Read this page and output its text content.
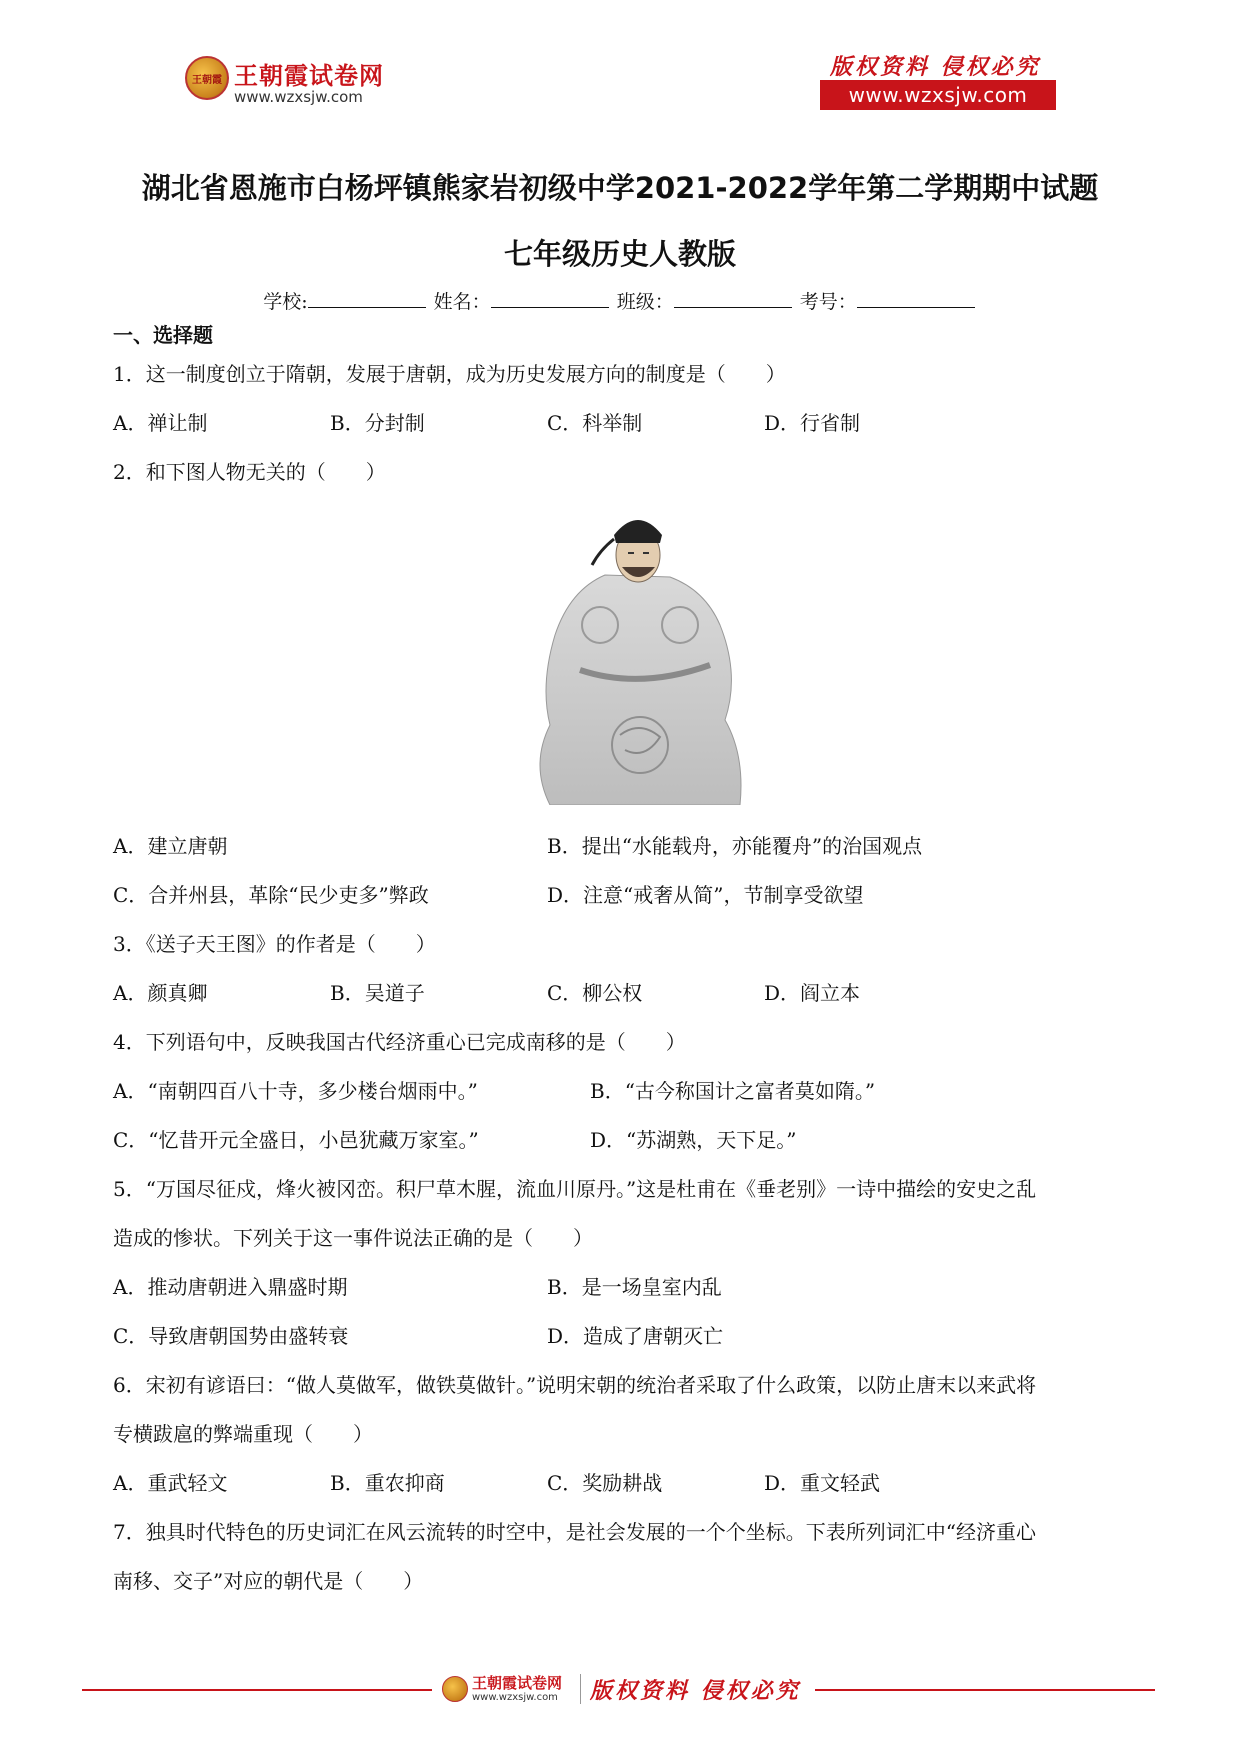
王朝霞 王朝霞试卷网
www.wzxsjw.com
版权资料 侵权必究
www.wzxsjw.com
湖北省恩施市白杨坪镇熊家岩初级中学2021-2022学年第二学期期中试题
七年级历史人教版
学校:	姓名：	班级：	考号：
一、选择题
1．这一制度创立于隋朝，发展于唐朝，成为历史发展方向的制度是（　　）
A．禅让制	B．分封制	C．科举制	D．行省制
2．和下图人物无关的（　　）
A．建立唐朝	B．提出“水能载舟，亦能覆舟”的治国观点
C．合并州县，革除“民少吏多”弊政	D．注意“戒奢从简”，节制享受欲望
3．《送子天王图》的作者是（　　）
A．颜真卿	B．吴道子	C．柳公权	D．阎立本
4．下列语句中，反映我国古代经济重心已完成南移的是（　　）
A．“南朝四百八十寺，多少楼台烟雨中。”	B．“古今称国计之富者莫如隋。”
C．“忆昔开元全盛日，小邑犹藏万家室。”	D．“苏湖熟，天下足。”
5．“万国尽征戍，烽火被冈峦。积尸草木腥，流血川原丹。”这是杜甫在《垂老别》一诗中描绘的安史之乱
造成的惨状。下列关于这一事件说法正确的是（　　）
A．推动唐朝进入鼎盛时期	B．是一场皇室内乱
C．导致唐朝国势由盛转衰	D．造成了唐朝灭亡
6．宋初有谚语曰：“做人莫做军，做铁莫做针。”说明宋朝的统治者采取了什么政策，以防止唐末以来武将
专横跋扈的弊端重现（　　）
A．重武轻文	B．重农抑商	C．奖励耕战	D．重文轻武
7．独具时代特色的历史词汇在风云流转的时空中，是社会发展的一个个坐标。下表所列词汇中“经济重心
南移、交子”对应的朝代是（　　）
王朝霞试卷网
www.wzxsjw.com 版权资料 侵权必究
